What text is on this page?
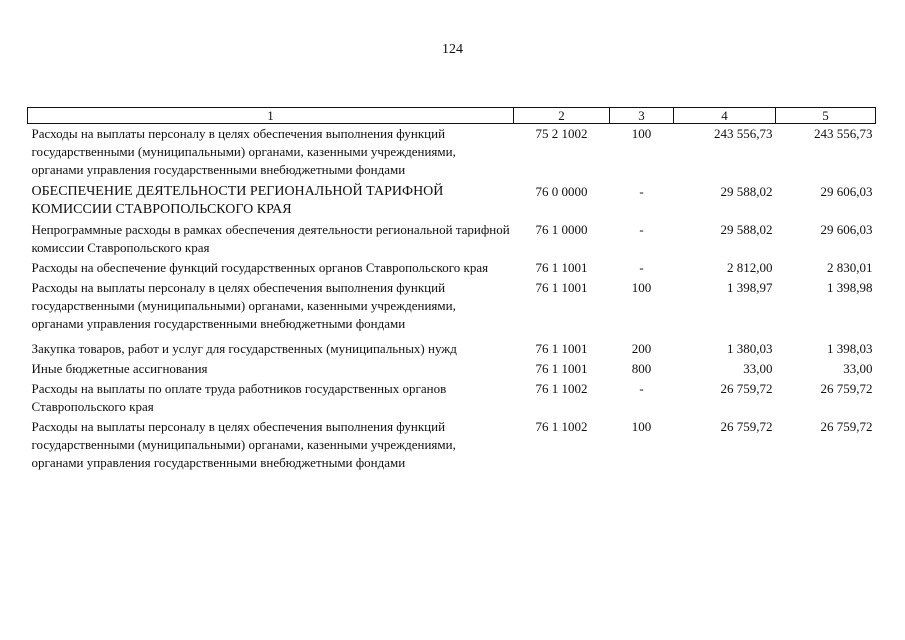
124
1	2	3	4	5
Расходы на выплаты персоналу в целях обеспечения выполнения функций государственными (муниципальными) органами, казенными учреждениями, органами управления государственными внебюджетными фондами	75 2 1002	100	243 556,73	243 556,73
ОБЕСПЕЧЕНИЕ ДЕЯТЕЛЬНОСТИ РЕГИОНАЛЬНОЙ ТАРИФНОЙ КОМИССИИ СТАВРОПОЛЬСКОГО КРАЯ	76 0 0000	-	29 588,02	29 606,03
Непрограммные расходы в рамках обеспечения деятельности региональной тарифной комиссии Ставропольского края	76 1 0000	-	29 588,02	29 606,03
Расходы на обеспечение функций государственных органов Ставропольского края	76 1 1001	-	2 812,00	2 830,01
Расходы на выплаты персоналу в целях обеспечения выполнения функций государственными (муниципальными) органами, казенными учреждениями, органами управления государственными внебюджетными фондами	76 1 1001	100	1 398,97	1 398,98
Закупка товаров, работ и услуг для государственных (муниципальных) нужд	76 1 1001	200	1 380,03	1 398,03
Иные бюджетные ассигнования	76 1 1001	800	33,00	33,00
Расходы на выплаты по оплате труда работников государственных органов Ставропольского края	76 1 1002	-	26 759,72	26 759,72
Расходы на выплаты персоналу в целях обеспечения выполнения функций государственными (муниципальными) органами, казенными учреждениями, органами управления государственными внебюджетными фондами	76 1 1002	100	26 759,72	26 759,72
